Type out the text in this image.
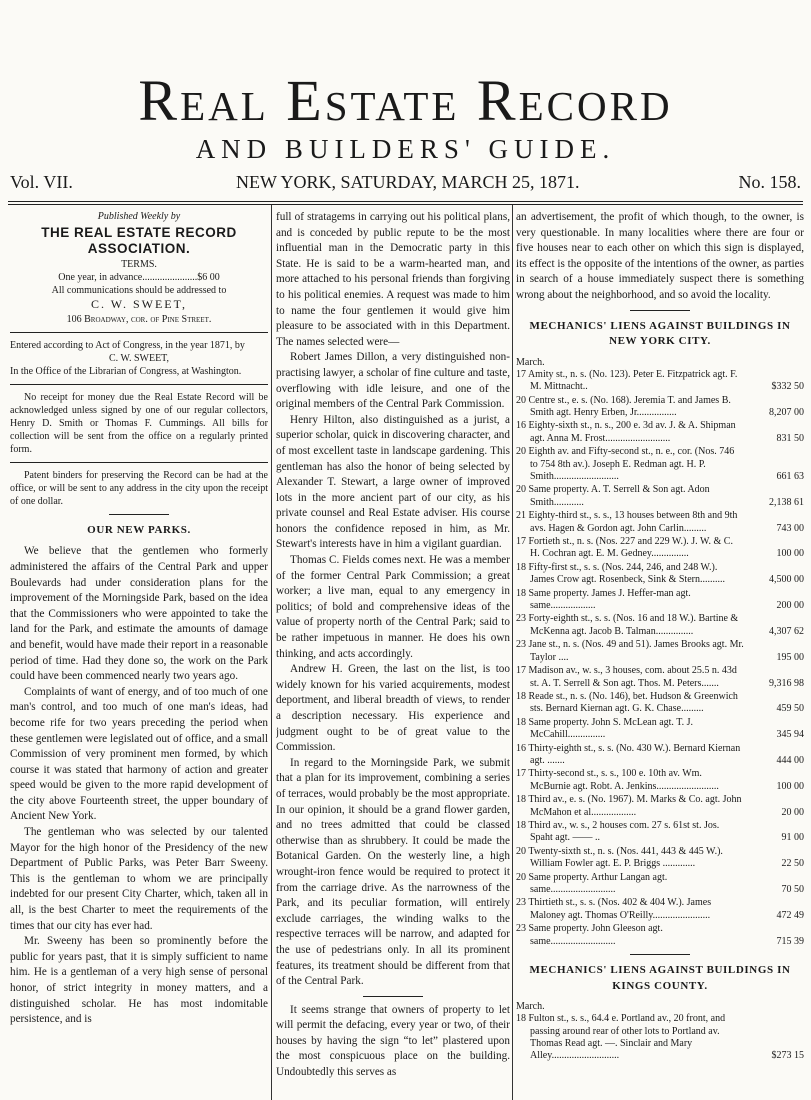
Real Estate Record
AND BUILDERS' GUIDE.
Vol. VII.	NEW YORK, SATURDAY, MARCH 25, 1871.	No. 158.
Published Weekly by
THE REAL ESTATE RECORD ASSOCIATION.
TERMS.
One year, in advance......................$6 00
All communications should be addressed to
C. W. SWEET,
106 Broadway, cor. of Pine Street.
Entered according to Act of Congress, in the year 1871, by
C. W. SWEET,
In the Office of the Librarian of Congress, at Washington.

No receipt for money due the Real Estate Record will be acknowledged unless signed by one of our regular collectors, Henry D. Smith or Thomas F. Cummings. All bills for collection will be sent from the office on a regularly printed form.

Patent binders for preserving the Record can be had at the office, or will be sent to any address in the city upon the receipt of one dollar.

OUR NEW PARKS.

We believe that the gentlemen who formerly administered the affairs of the Central Park and upper Boulevards had under consideration plans for the improvement of the Morningside Park, based on the idea that the Commissioners who were appointed to take the land for the Park, and estimate the amounts of damage and benefit, would have made their report in a reasonable period of time. Had they done so, the work on the Park could have been commenced nearly two years ago.

Complaints of want of energy, and of too much of one man's control, and too much of one man's ideas, had become rife for two years preceding the period when these gentlemen were legislated out of office, and a small Commission of very prominent men formed, by which course it was stated that harmony of action and greater speed would be given to the more rapid development of the city above Fourteenth street, the upper boundary of Ancient New York.

The gentleman who was selected by our talented Mayor for the high honor of the Presidency of the new Department of Public Parks, was Peter Barr Sweeny. This is the gentleman to whom we are principally indebted for our present City Charter, which, taken all in all, is the best Charter to meet the requirements of the times that our city has ever had.

Mr. Sweeny has been so prominently before the public for years past, that it is simply sufficient to name him. He is a gentleman of a very high sense of personal honor, of strict integrity in money matters, and a distinguished scholar. He has most indomitable persistence, and is

full of stratagems in carrying out his political plans, and is conceded by public repute to be the most influential man in the Democratic party in this State. He is said to be a warm-hearted man, and more attached to his personal friends than forgiving to his political enemies. A request was made to him to name the four gentlemen it would give him pleasure to be associated with in this Department. The names selected were—

Robert James Dillon, a very distinguished non-practising lawyer, a scholar of fine culture and taste, overflowing with idle leisure, and one of the original members of the Central Park Commission.

Henry Hilton, also distinguished as a jurist, a superior scholar, quick in discovering character, and of most excellent taste in landscape gardening. This gentleman has also the honor of being selected by Alexander T. Stewart, a large owner of improved lots in the more ancient part of our city, as his private counsel and Real Estate adviser. His course honors the confidence reposed in him, as Mr. Stewart's interests have in him a vigilant guardian.

Thomas C. Fields comes next. He was a member of the former Central Park Commission; a great worker; a live man, equal to any emergency in politics; of bold and comprehensive ideas of the value of property north of the Central Park; said to be rather impetuous in manner. He does his own thinking, and acts accordingly.

Andrew H. Green, the last on the list, is too widely known for his varied acquirements, modest deportment, and liberal breadth of views, to render a description necessary. His experience and judgment ought to be of great value to the Commission.

In regard to the Morningside Park, we submit that a plan for its improvement, combining a series of terraces, would probably be the most appropriate. In our opinion, it should be a grand flower garden, and no trees admitted that could be classed otherwise than as shrubbery. It could be made the Botanical Garden. On the westerly line, a high wrought-iron fence would be required to protect it from the carriage drive. As the narrowness of the Park, and its peculiar formation, will entirely exclude carriages, the winding walks to the respective terraces will be narrow, and adapted for the use of pedestrians only. In all its prominent features, its treatment should be different from that of the Central Park.

It seems strange that owners of property to let will permit the defacing, every year or two, of their houses by having the sign “to let” plastered upon the most conspicuous place on the building. Undoubtedly this serves as

an advertisement, the profit of which though, to the owner, is very questionable. In many localities where there are four or five houses near to each other on which this sign is displayed, its effect is the opposite of the intentions of the owner, as parties in search of a house immediately suspect there is something wrong about the neighborhood, and so avoid the locality.

MECHANICS' LIENS AGAINST BUILDINGS IN NEW YORK CITY.
March.
17 Amity st., n. s. (No. 123). Peter E. Fitzpatrick agt. F. M. Mittnacht..	$332 50
20 Centre st., e. s. (No. 168). Jeremia T. and James B. Smith agt. Henry Erben, Jr................	8,207 00
16 Eighty-sixth st., n. s., 200 e. 3d av. J. & A. Shipman agt. Anna M. Frost..........................	831 50
20 Eighth av. and Fifty-second st., n. e., cor. (Nos. 746 to 754 8th av.). Joseph E. Redman agt. H. P. Smith..........................	661 63
20 Same property. A. T. Serrell & Son agt. Adon Smith............	2,138 61
21 Eighty-third st., s. s., 13 houses between 8th and 9th avs. Hagen & Gordon agt. John Carlin.........	743 00
17 Fortieth st., n. s. (Nos. 227 and 229 W.). J. W. & C. H. Cochran agt. E. M. Gedney...............	100 00
18 Fifty-first st., s. s. (Nos. 244, 246, and 248 W.). James Crow agt. Rosenbeck, Sink & Stern..........	4,500 00
18 Same property. James J. Heffer-man agt. same..................	200 00
23 Forty-eighth st., s. s. (Nos. 16 and 18 W.). Bartine & McKenna agt. Jacob B. Talman...............	4,307 62
23 Jane st., n. s. (Nos. 49 and 51). James Brooks agt. Mr. Taylor ....	195 00
17 Madison av., w. s., 3 houses, com. about 25.5 n. 43d st. A. T. Serrell & Son agt. Thos. M. Peters.......	9,316 98
18 Reade st., n. s. (No. 146), bet. Hudson & Greenwich sts. Bernard Kiernan agt. G. K. Chase.........	459 50
18 Same property. John S. McLean agt. T. J. McCahill...............	345 94
16 Thirty-eighth st., s. s. (No. 430 W.). Bernard Kiernan agt. .......	444 00
17 Thirty-second st., s. s., 100 e. 10th av. Wm. McBurnie agt. Robt. A. Jenkins.........................	100 00
18 Third av., e. s. (No. 1967). M. Marks & Co. agt. John McMahon et al..................	20 00
18 Third av., w. s., 2 houses com. 27 s. 61st st. Jos. Spaht agt. —— ..	91 00
20 Twenty-sixth st., n. s. (Nos. 441, 443 & 445 W.). William Fowler agt. E. P. Briggs .............	22 50
20 Same property. Arthur Langan agt. same..........................	70 50
23 Thirtieth st., s. s. (Nos. 402 & 404 W.). James Maloney agt. Thomas O'Reilly.......................	472 49
23 Same property. John Gleeson agt. same..........................	715 39
MECHANICS' LIENS AGAINST BUILDINGS IN KINGS COUNTY.
March.
18 Fulton st., s. s., 64.4 e. Portland av., 20 front, and passing around rear of other lots to Portland av. Thomas Read agt. —. Sinclair and Mary Alley...........................	$273 15
